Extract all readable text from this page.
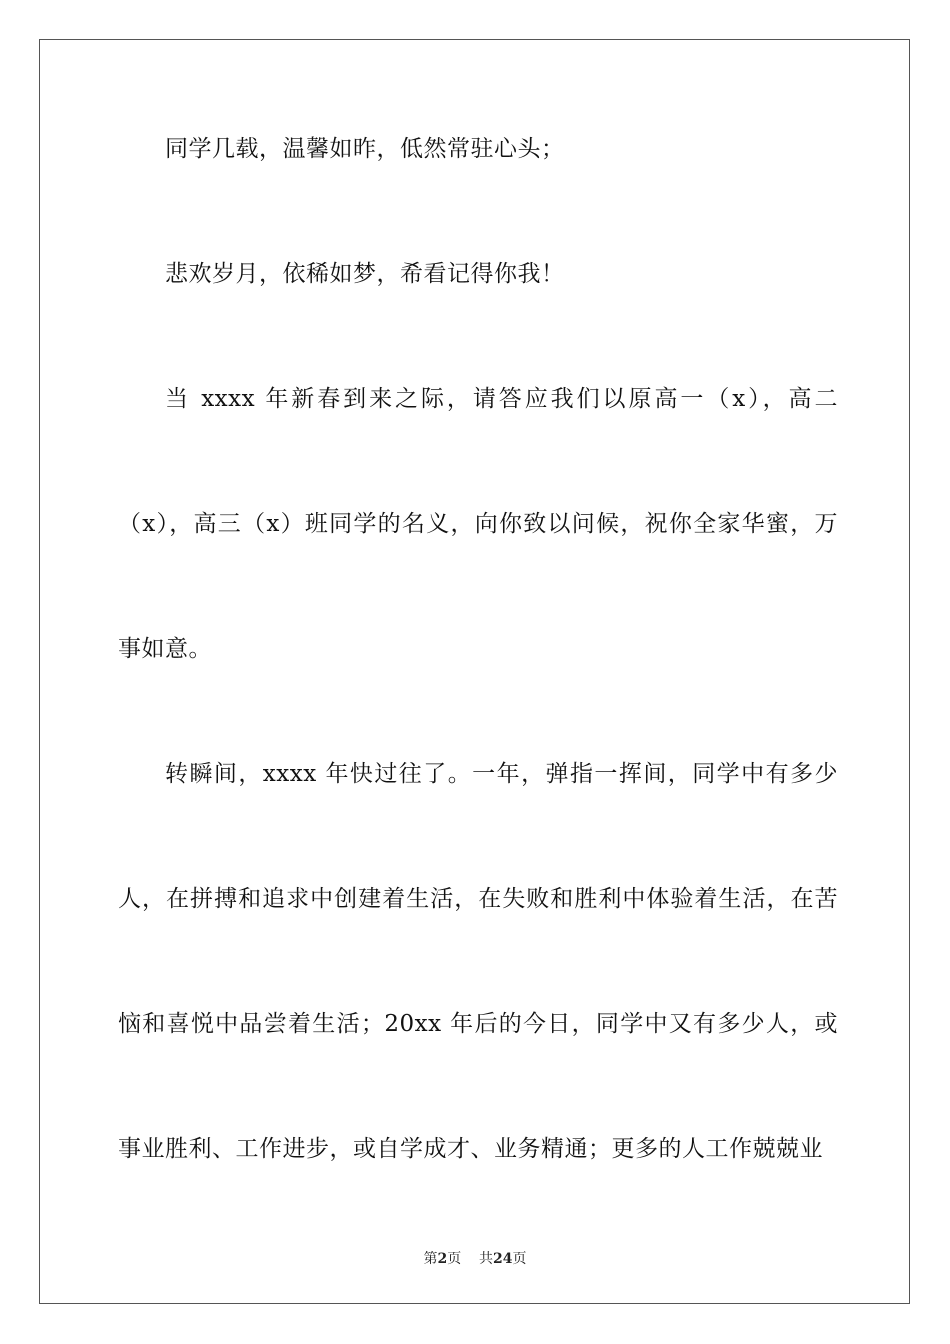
同学几载，温馨如昨，低然常驻心头；

悲欢岁月，依稀如梦，希看记得你我！

当 xxxx 年新春到来之际，请答应我们以原高一（x），高二（x），高三（x）班同学的名义，向你致以问候，祝你全家华蜜，万事如意。

转瞬间，xxxx 年快过往了。一年，弹指一挥间，同学中有多少人，在拼搏和追求中创建着生活，在失败和胜利中体验着生活，在苦恼和喜悦中品尝着生活；20xx 年后的今日，同学中又有多少人，或事业胜利、工作进步，或自学成才、业务精通；更多的人工作兢兢业

第2页 共24页
